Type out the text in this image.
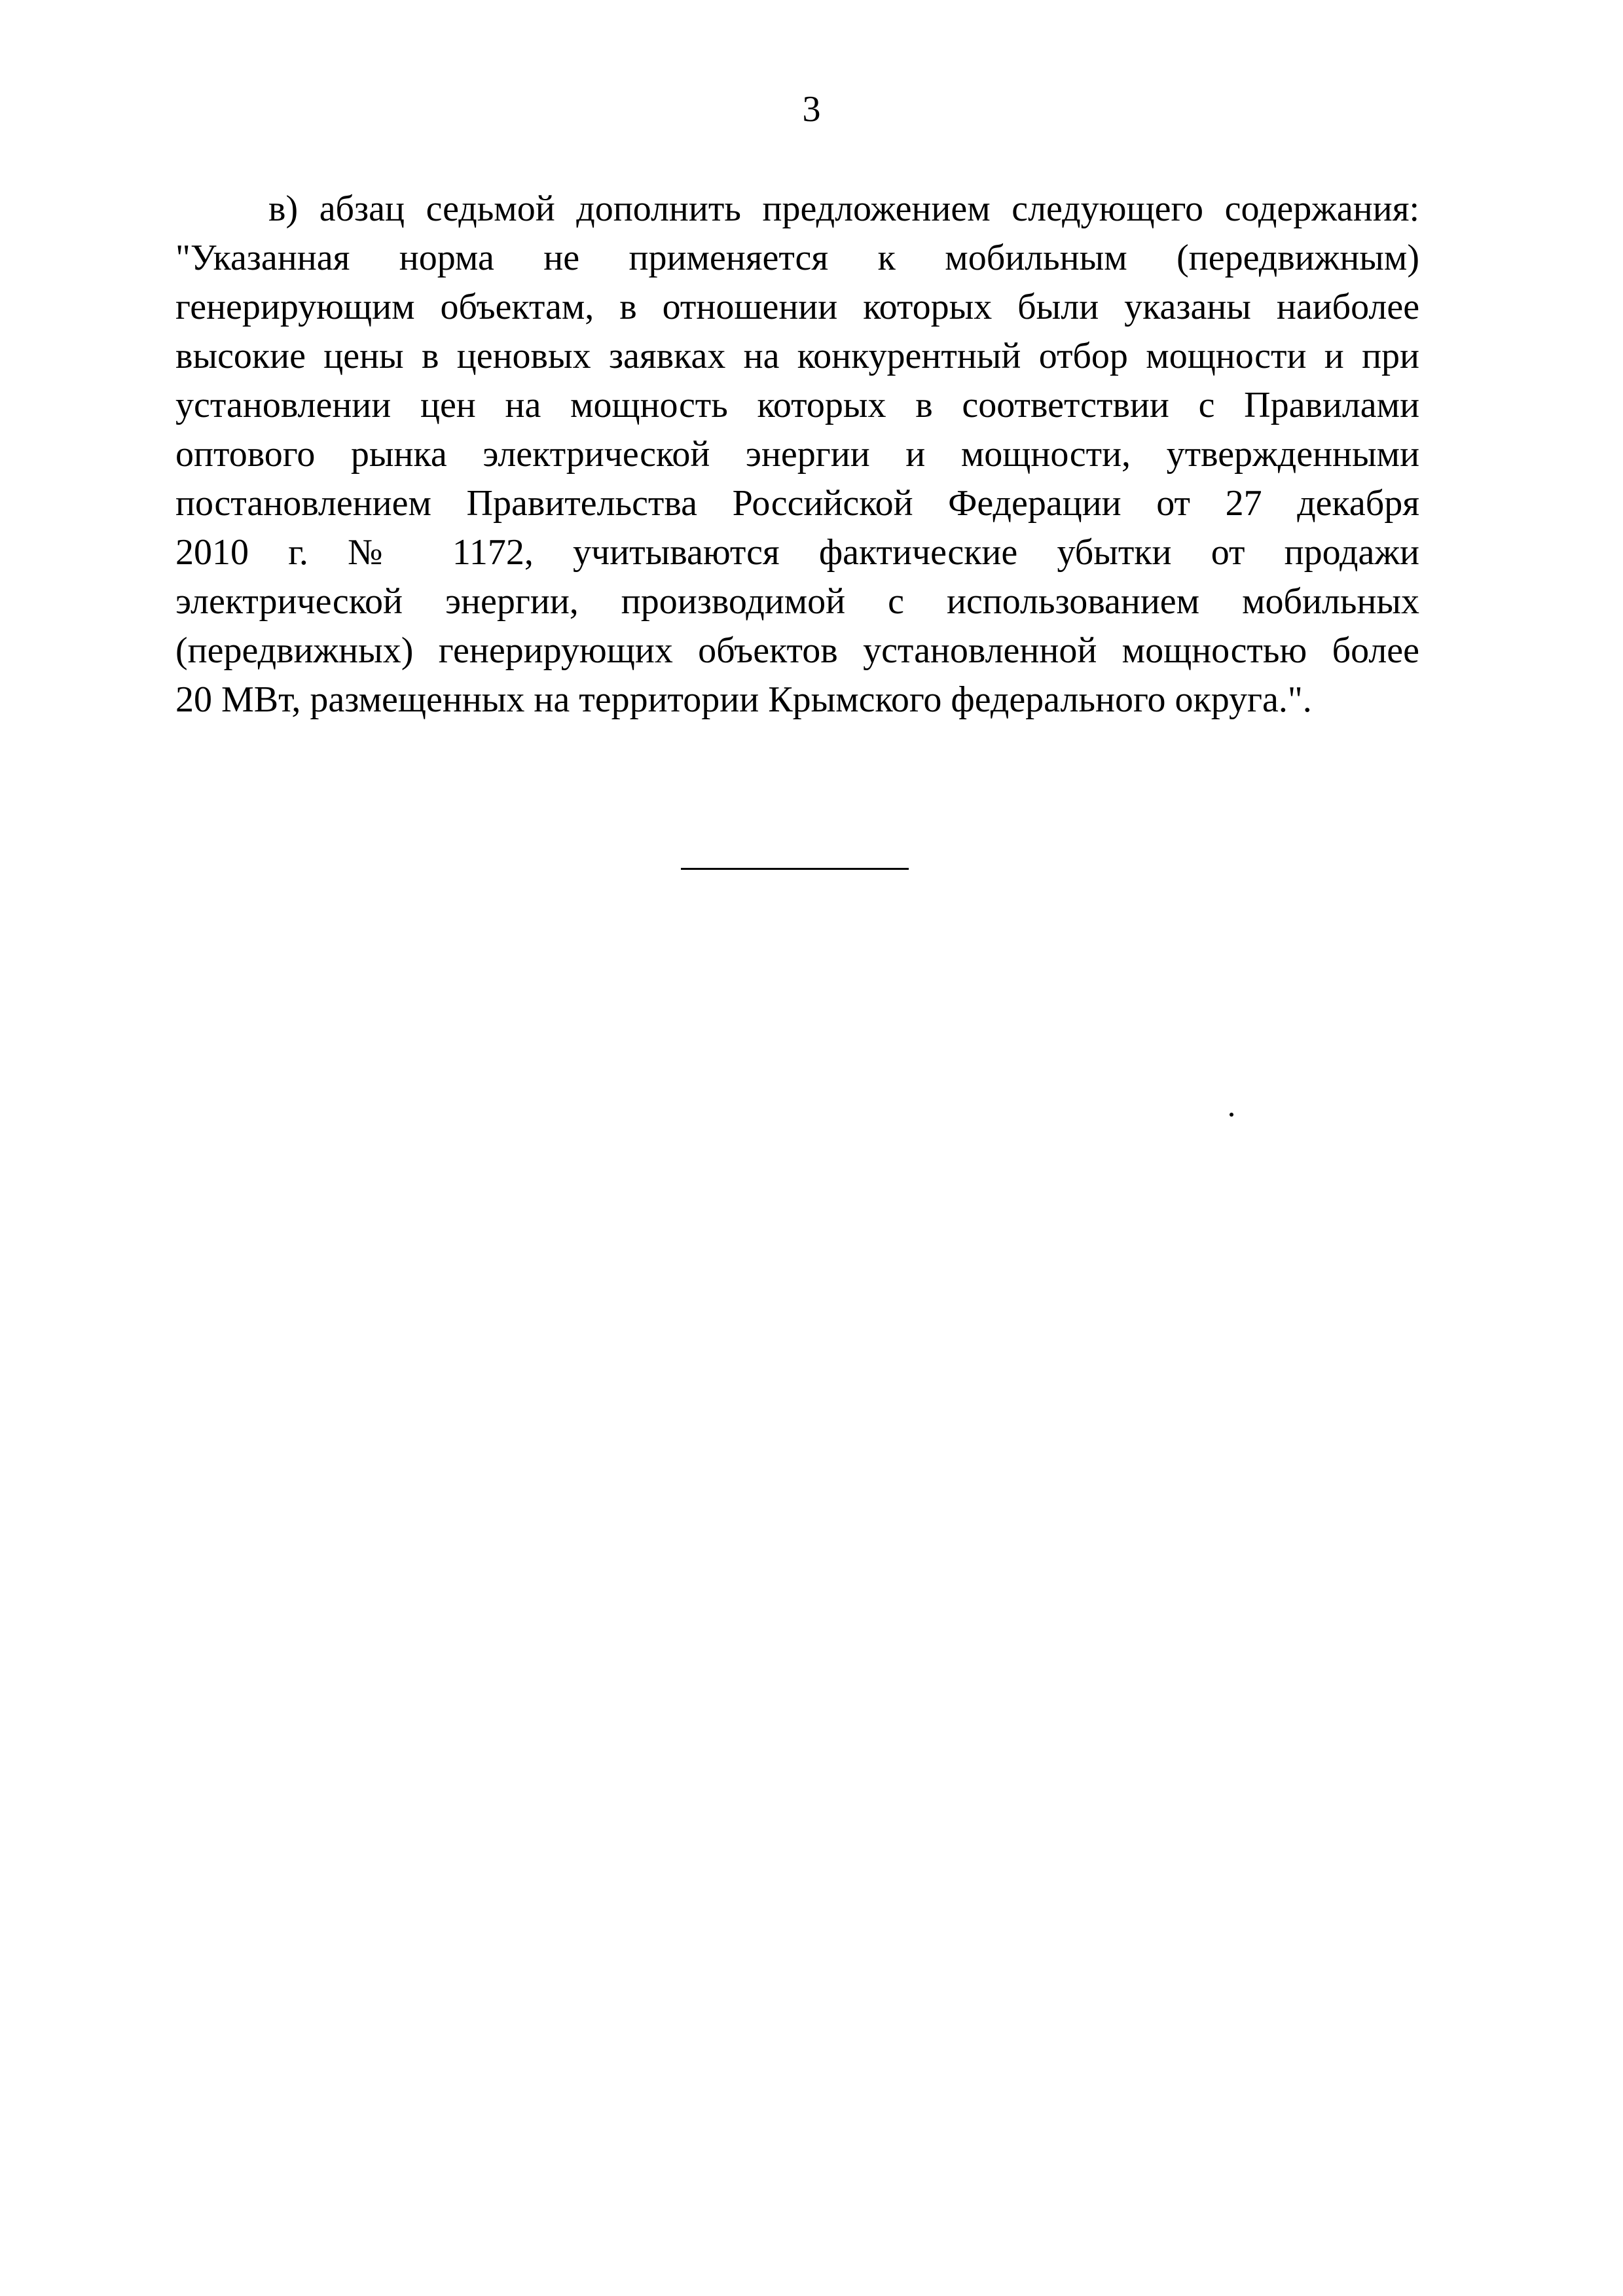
3
в) абзац седьмой дополнить предложением следующего содержания:
"Указанная норма не применяется к мобильным (передвижным)
генерирующим объектам, в отношении которых были указаны наиболее
высокие цены в ценовых заявках на конкурентный отбор мощности и при
установлении цен на мощность которых в соответствии с Правилами
оптового рынка электрической энергии и мощности, утвержденными
постановлением Правительства Российской Федерации от 27 декабря
2010 г. № 1172, учитываются фактические убытки от продажи
электрической энергии, производимой с использованием мобильных
(передвижных) генерирующих объектов установленной мощностью более
20 МВт, размещенных на территории Крымского федерального округа.".
